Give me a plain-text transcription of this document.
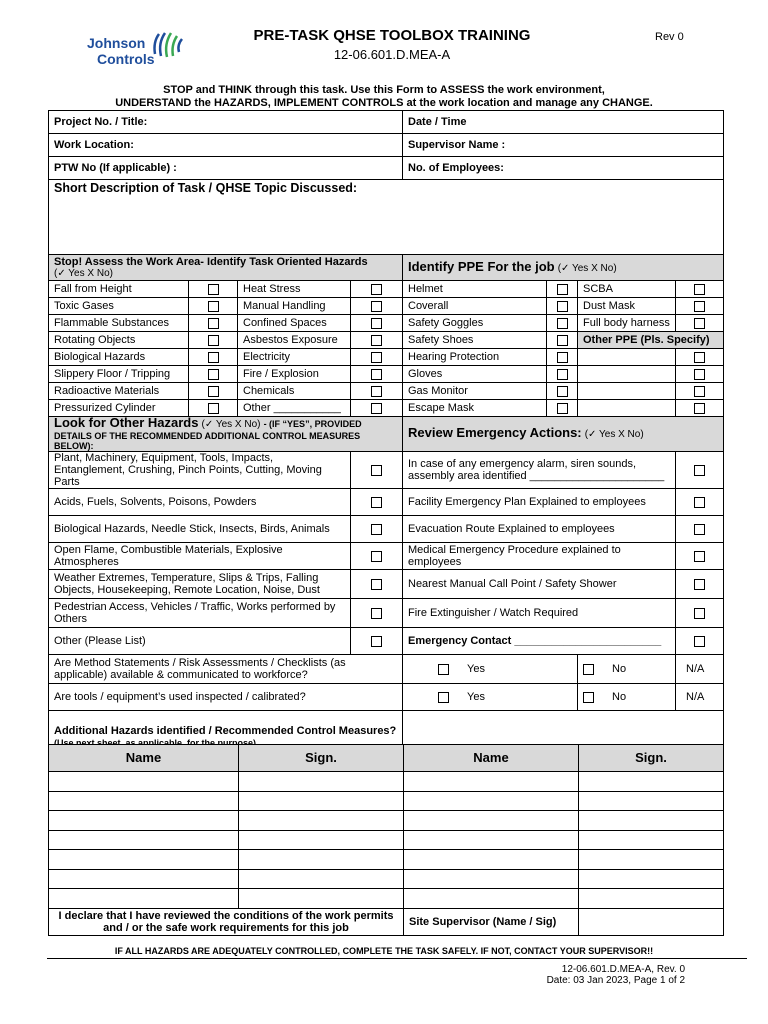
Johnson
Controls
PRE-TASK QHSE TOOLBOX TRAINING
12-06.601.D.MEA-A
Rev 0
STOP and THINK through this task. Use this Form to ASSESS the work environment,
UNDERSTAND the HAZARDS, IMPLEMENT CONTROLS at the work location and manage any CHANGE.
Project No. / Title:				Date / Time			
Work Location:				Supervisor Name :			
PTW No (If applicable) :				No. of Employees:			
Short Description of Task / QHSE Topic Discussed:							

Stop! Assess the Work Area- Identify Task Oriented Hazards
(✓ Yes X No)				Identify PPE For the job (✓ Yes X No)			
Fall from Height		Heat Stress		Helmet		SCBA	
Toxic Gases		Manual Handling		Coverall		Dust Mask	
Flammable Substances		Confined Spaces		Safety Goggles		Full body harness	
Rotating Objects		Asbestos Exposure		Safety Shoes		Other PPE (Pls. Specify)	
Biological Hazards		Electricity		Hearing Protection			
Slippery Floor / Tripping		Fire / Explosion		Gloves			
Radioactive Materials		Chemicals		Gas Monitor			
Pressurized Cylinder		Other ___________		Escape Mask			
Look for Other Hazards (✓ Yes X No) - (IF “YES”, PROVIDED
DETAILS OF THE RECOMMENDED ADDITIONAL CONTROL MEASURES BELOW):				Review Emergency Actions: (✓ Yes X No)			
Plant, Machinery, Equipment, Tools, Impacts, Entanglement, Crushing, Pinch Points, Cutting, Moving Parts				In case of any emergency alarm, siren sounds, assembly area identified ______________________			
Acids, Fuels, Solvents, Poisons, Powders				Facility Emergency Plan Explained to employees			
Biological Hazards, Needle Stick, Insects, Birds, Animals				Evacuation Route Explained to employees			
Open Flame, Combustible Materials, Explosive Atmospheres				Medical Emergency Procedure explained to employees			
Weather Extremes, Temperature, Slips & Trips, Falling Objects, Housekeeping, Remote Location, Noise, Dust				Nearest Manual Call Point / Safety Shower			
Pedestrian Access, Vehicles / Traffic, Works performed by Others				Fire Extinguisher / Watch Required			
Other (Please List)				Emergency Contact ________________________			
Are Method Statements / Risk Assessments / Checklists (as applicable) available & communicated to workforce?				Yes		No	N/A

Are tools / equipment’s used inspected / calibrated?				Yes		No	N/A

Additional Hazards identified / Recommended Control Measures?
(Use next sheet, as applicable, for the purpose)							

Name	Sign.	Name	Sign.

I declare that I have reviewed the conditions of the work permits and / or the safe work requirements for this job		Site Supervisor (Name / Sig)	
IF ALL HAZARDS ARE ADEQUATELY CONTROLLED, COMPLETE THE TASK SAFELY. IF NOT, CONTACT YOUR SUPERVISOR!!
12-06.601.D.MEA-A, Rev. 0
Date: 03 Jan 2023, Page 1 of 2
